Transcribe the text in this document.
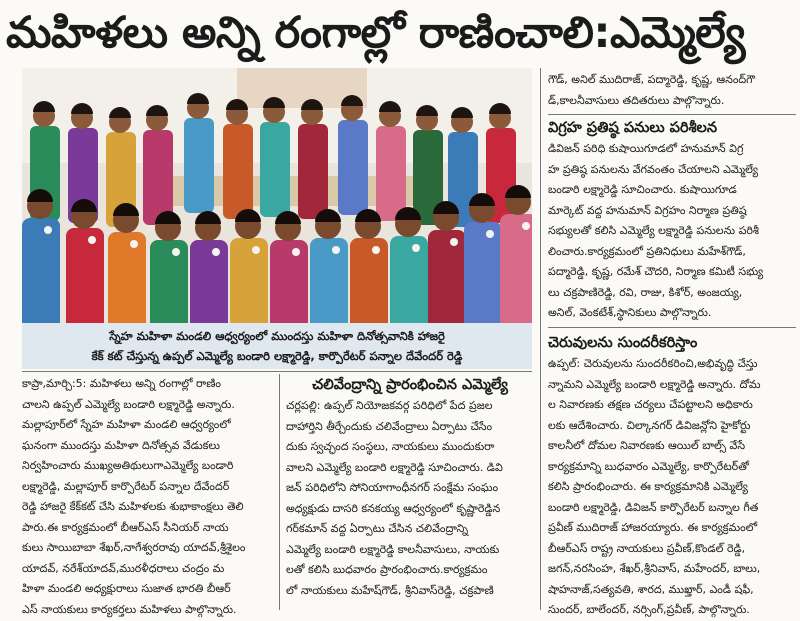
మహిళలు అన్ని రంగాల్లో రాణించాలి:ఎమ్మెల్యే
స్నేహ మహిళా మండలి ఆధ్వర్యంలో ముందస్తు మహిళా దినోత్సవానికి హాజరై
కేక్ కట్ చేస్తున్న ఉప్పల్ ఎమ్మెల్యే బండారి లక్ష్మారెడ్డి, కార్పొరేటర్ పన్నాల దేవేందర్ రెడ్డి

గౌడ్, అనిల్ ముదిరాజ్, పద్మారెడ్డి, కృష్ణ, ఆనంద్‌గౌ

డ్,కాలనీవాసులు తదితరులు పాల్గొన్నారు.

విగ్రహ ప్రతిష్ఠ పనులు పరిశీలన

డివిజన్ పరిధి కుషాయిగూడలో హనుమాన్ విగ్ర

హ ప్రతిష్ఠ పనులను వేగవంతం చేయాలని ఎమ్మెల్యే

బండారి లక్ష్మారెడ్డి సూచించారు. కుషాయిగూడ

మార్కెట్ వద్ద హనుమాన్ విగ్రహం నిర్మాణ ప్రతిష్ఠ

సభ్యులతో కలిసి ఎమ్మెల్యే లక్ష్మారెడ్డి పనులను పరిశీ

లించారు.కార్యక్రమంలో ప్రతినిధులు మహేశ్‌గౌడ్,

పద్మారెడ్డి, కృష్ణ, రమేశ్ చౌదరి, నిర్మాణ కమిటీ సభ్యు

లు చక్రపాణిరెడ్డి, రవి, రాజు, కిశోర్, అంజయ్య,

అనిల్, వెంకటేశ్,స్థానికులు పాల్గొన్నారు.

చెరువులను సుందరీకరిస్తాం

ఉప్పల్: చెరువులను సుందరీకరించి,అభివృద్ధి చేస్తు

న్నామని ఎమ్మెల్యే బండారి లక్ష్మారెడ్డి అన్నారు. దోమ

ల నివారణకు తక్షణ చర్యలు చేపట్టాలని అధికారు

లకు ఆదేశించారు. చిల్కానగర్ డివిజన్లోని హైకోర్టు

కాలనీలో దోమల నివారణకు ఆయిల్ బాల్స్ వేసే

కార్యక్రమాన్ని బుధవారం ఎమ్మెల్యే, కార్పొరేటర్‌తో

కలిసి ప్రారంభించారు. ఈ కార్యక్రమానికి ఎమ్మెల్యే

బండారి లక్ష్మారెడ్డి, డివిజన్ కార్పొరేటర్ బన్నాల గీత

ప్రవీణ్ ముదిరాజ్ హాజరయ్యారు. ఈ కార్యక్రమంలో

బీఆర్‌ఎస్ రాష్ట్ర నాయకులు ప్రవీణ్,కొండల్ రెడ్డి,

జగన్,నరసింహ, శేఖర్,శ్రీనివాస్, మహేందర్, బాలు,

షాహనాజ్,సత్యవతి, శారద, ముఖ్తార్, ఎండీ షఫీ,

సుందర్, బాలేందర్, నర్సింగ్,ప్రవీణ్, పాల్గొన్నారు.

కాప్రా,మార్చి:5: మహిళలు అన్ని రంగాల్లో రాణిం

చాలని ఉప్పల్ ఎమ్మెల్యే బండారి లక్ష్మారెడ్డి అన్నారు.

మల్లాపూర్‌లో స్నేహ మహిళా మండలి ఆధ్వర్యంలో

ఘనంగా ముందస్తు మహిళా దినోత్సవ వేడుకలు

నిర్వహించారు ముఖ్యఅతిథులుగాఎమ్మెల్యే బండారి

లక్ష్మారెడ్డి, మల్లాపూర్ కార్పొరేటర్ పన్నాల దేవేందర్

రెడ్డి హాజరై కేక్‌కట్ చేసి మహిళలకు శుభాకాంక్షలు తెలి

పారు.ఈ కార్యక్రమంలో బీఆర్‌ఎస్ సీనియర్ నాయ

కులు సాయిబాబా శేఖర్,నాగేశ్వరరావు యాదవ్,శ్రీశైలం

యాదవ్, నరేశ్‌యాదవ్,మురళీధరాలు చంద్రం మ

హిళా మండలి అధ్యక్షురాలు సుజాత భారతి బీఆర్

ఎస్ నాయకులు కార్యకర్తలు మహిళలు పాల్గొన్నారు.

చలివేంద్రాన్ని ప్రారంభించిన ఎమ్మెల్యే

చర్లపల్లి: ఉప్పల్ నియోజకవర్గ పరిధిలో పేద ప్రజల

దాహార్తిని తీర్చేందుకు చలివేంద్రాలు ఏర్పాటు చేసేం

దుకు స్వచ్ఛంద సంస్థలు, నాయకులు ముందుకురా

వాలని ఎమ్మెల్యే బండారి లక్ష్మారెడ్డి సూచించారు. డివి

జన్ పరిధిలోని సోనియాగాంధీనగర్ సంక్షేమ సంఘం

అధ్యక్షుడు దాసరి కనకయ్య ఆధ్వర్యంలో కృష్ణారెడ్డిన

గర్‌కమాన్ వద్ద ఏర్పాటు చేసిన చలివేంద్రాన్ని

ఎమ్మెల్యే బండారి లక్ష్మారెడ్డి కాలనీవాసులు, నాయకు

లతో కలిసి బుధవారం ప్రారంభించారు.కార్యక్రమం

లో నాయకులు మహేష్‌గౌడ్, శ్రీనివాస్‌రెడ్డి, చక్రపాణి
